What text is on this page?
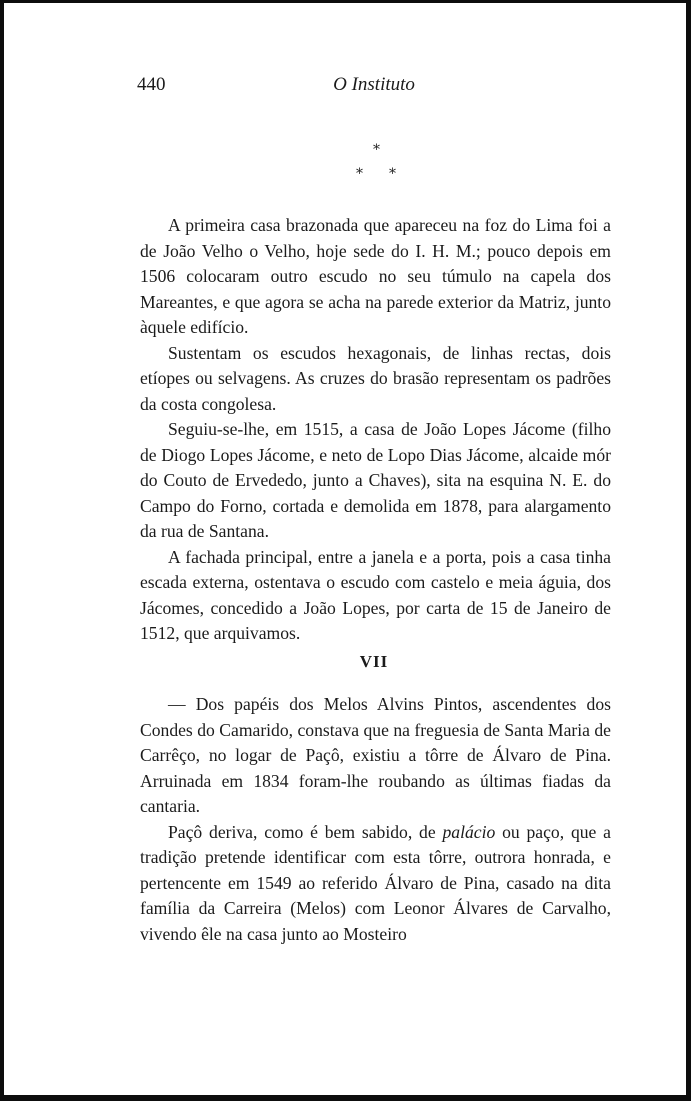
440	O Instituto

*
* *

A primeira casa brazonada que apareceu na foz do Lima foi a de João Velho o Velho, hoje sede do I. H. M.; pouco depois em 1506 colocaram outro escudo no seu túmulo na capela dos Mareantes, e que agora se acha na parede exterior da Matriz, junto àquele edifício.

Sustentam os escudos hexagonais, de linhas rectas, dois etíopes ou selvagens. As cruzes do brasão representam os padrões da costa congolesa.

Seguiu-se-lhe, em 1515, a casa de João Lopes Jácome (filho de Diogo Lopes Jácome, e neto de Lopo Dias Jácome, alcaide mór do Couto de Ervededo, junto a Chaves), sita na esquina N. E. do Campo do Forno, cortada e demolida em 1878, para alargamento da rua de Santana.

A fachada principal, entre a janela e a porta, pois a casa tinha escada externa, ostentava o escudo com castelo e meia águia, dos Jácomes, concedido a João Lopes, por carta de 15 de Janeiro de 1512, que arquivamos.

VII

— Dos papéis dos Melos Alvins Pintos, ascendentes dos Condes do Camarido, constava que na freguesia de Santa Maria de Carrêço, no logar de Paçô, existiu a tôrre de Álvaro de Pina. Arruinada em 1834 foram-lhe roubando as últimas fiadas da cantaria.

Paçô deriva, como é bem sabido, de palácio ou paço, que a tradição pretende identificar com esta tôrre, outrora honrada, e pertencente em 1549 ao referido Álvaro de Pina, casado na dita família da Carreira (Melos) com Leonor Álvares de Carvalho, vivendo êle na casa junto ao Mosteiro
